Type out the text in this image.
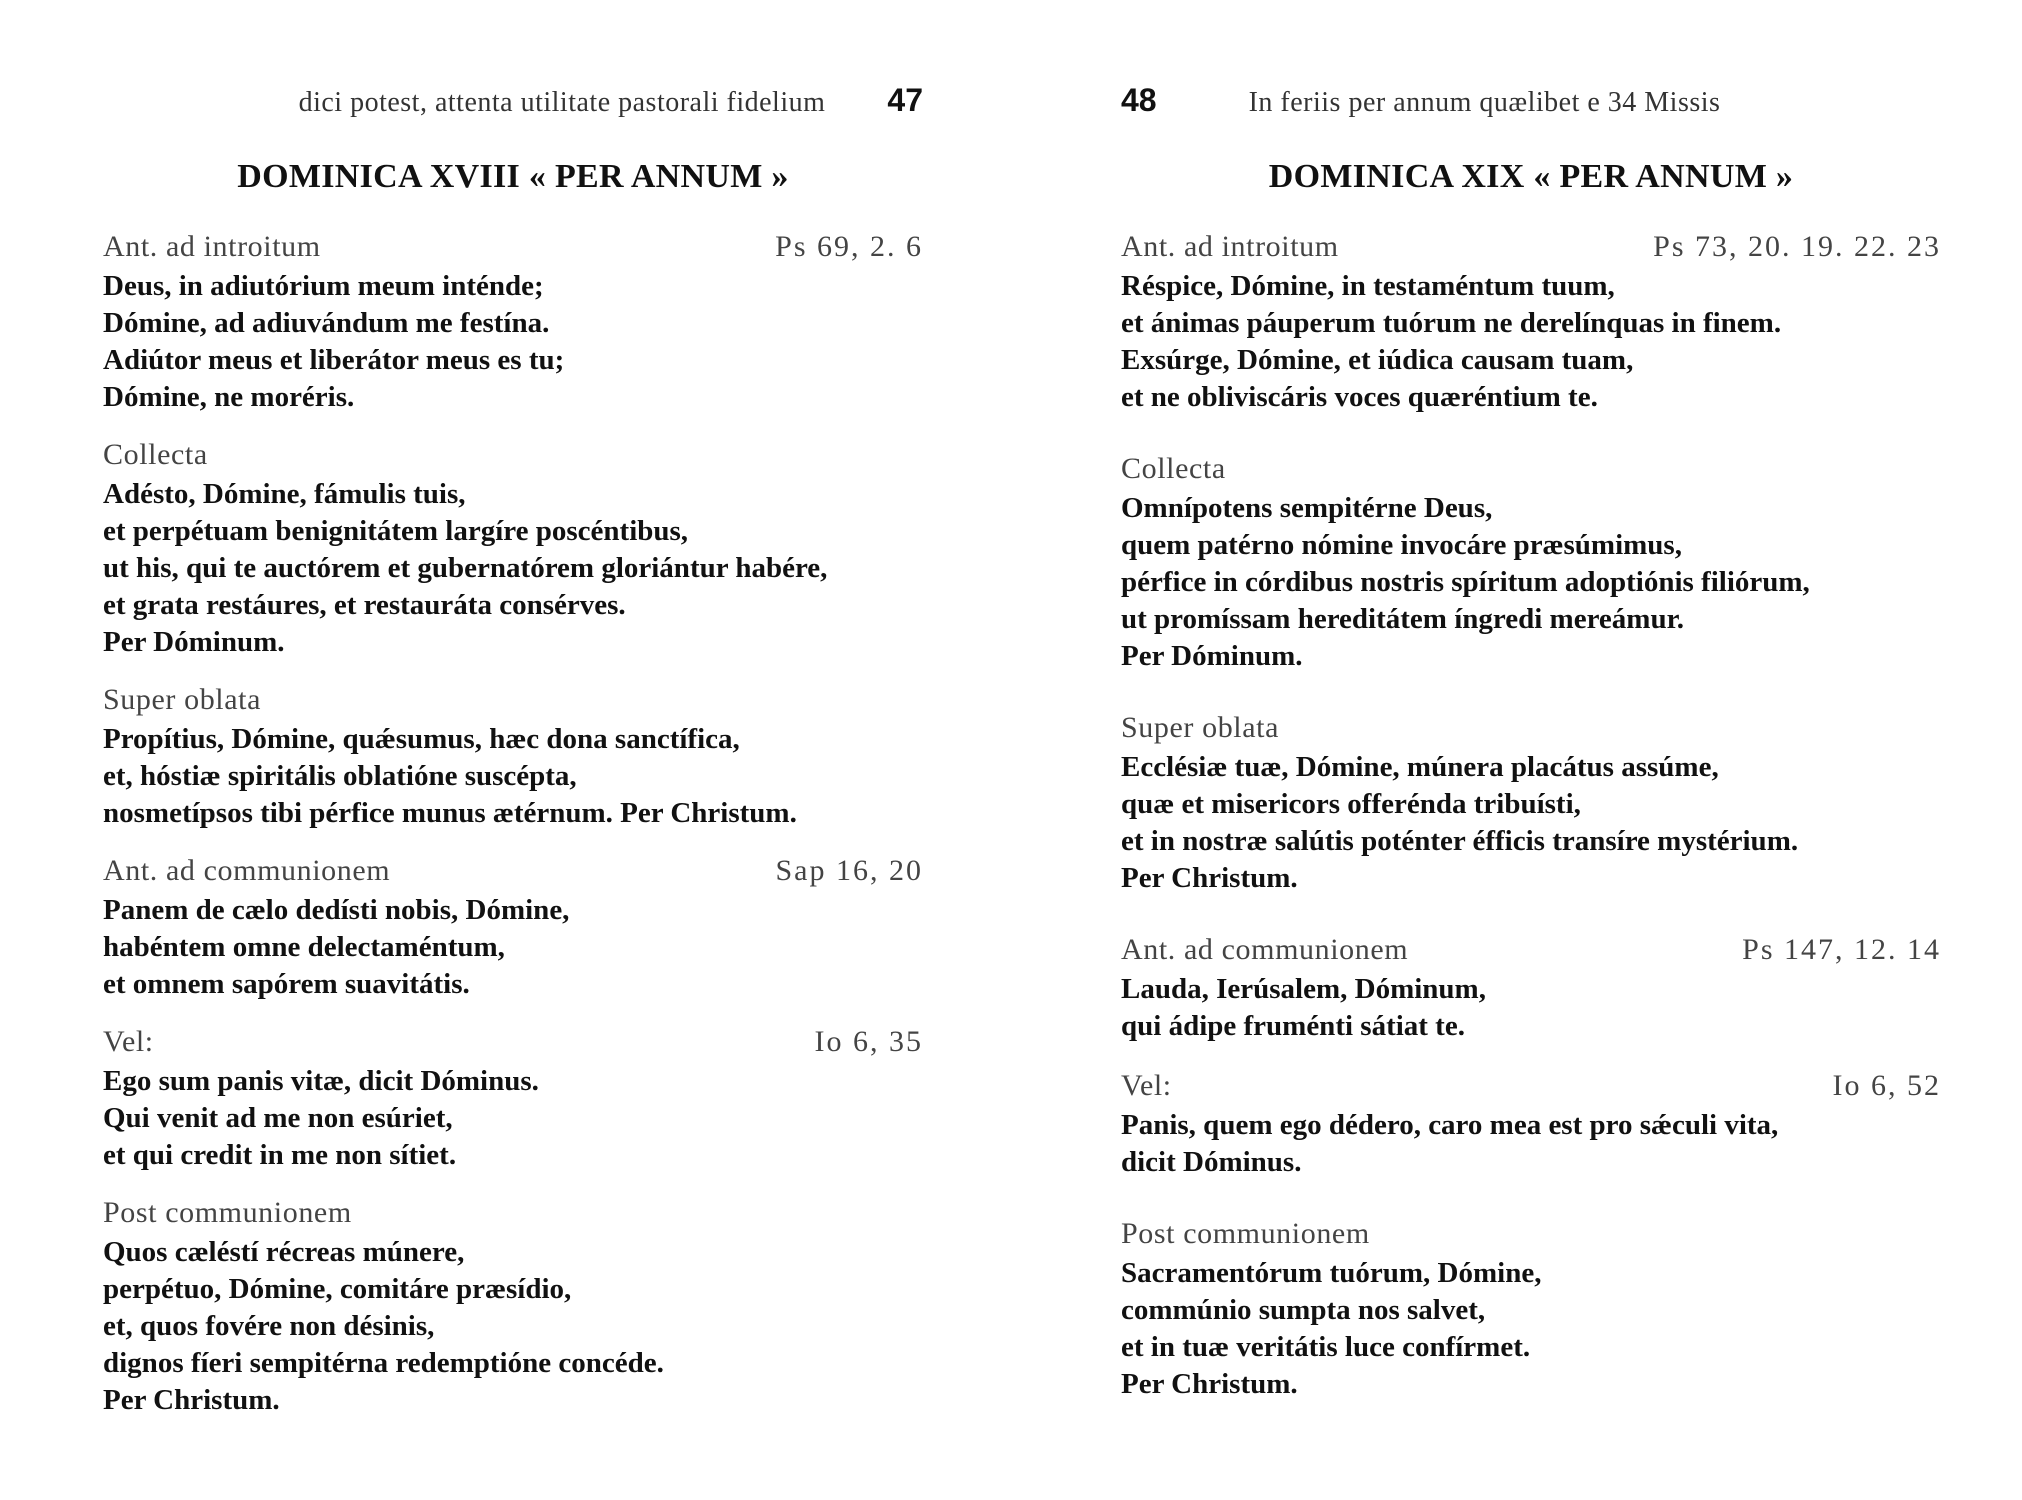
dici potest, attenta utilitate pastorali fidelium 47
DOMINICA XVIII « PER ANNUM »
Ant. ad introitum	Ps 69, 2. 6
Deus, in adiutórium meum inténde;
Dómine, ad adiuvándum me festína.
Adiútor meus et liberátor meus es tu;
Dómine, ne moréris.
Collecta
Adésto, Dómine, fámulis tuis,
et perpétuam benignitátem largíre poscéntibus,
ut his, qui te auctórem et gubernatórem gloriántur habére,
et grata restáures, et restauráta consérves.
Per Dóminum.
Super oblata
Propítius, Dómine, quǽsumus, hæc dona sanctífica,
et, hóstiæ spiritális oblatióne suscépta,
nosmetípsos tibi pérfice munus ætérnum. Per Christum.
Ant. ad communionem	Sap 16, 20
Panem de cælo dedísti nobis, Dómine,
habéntem omne delectaméntum,
et omnem sapórem suavitátis.
Vel:	Io 6, 35
Ego sum panis vitæ, dicit Dóminus.
Qui venit ad me non esúriet,
et qui credit in me non sítiet.
Post communionem
Quos cæléstí récreas múnere,
perpétuo, Dómine, comitáre præsídio,
et, quos fovére non désinis,
dignos fíeri sempitérna redemptióne concéde.
Per Christum.
48	In feriis per annum quælibet e 34 Missis
DOMINICA XIX « PER ANNUM »
Ant. ad introitum	Ps 73, 20. 19. 22. 23
Réspice, Dómine, in testaméntum tuum,
et ánimas páuperum tuórum ne derelínquas in finem.
Exsúrge, Dómine, et iúdica causam tuam,
et ne obliviscáris voces quæréntium te.
Collecta
Omnípotens sempitérne Deus,
quem patérno nómine invocáre præsúmimus,
pérfice in córdibus nostris spíritum adoptiónis filiórum,
ut promíssam hereditátem íngredi mereámur.
Per Dóminum.
Super oblata
Ecclésiæ tuæ, Dómine, múnera placátus assúme,
quæ et misericors offerénda tribuísti,
et in nostræ salútis poténter éfficis transíre mystérium.
Per Christum.
Ant. ad communionem	Ps 147, 12. 14
Lauda, Ierúsalem, Dóminum,
qui ádipe fruménti sátiat te.
Vel:	Io 6, 52
Panis, quem ego dédero, caro mea est pro sǽculi vita,
dicit Dóminus.
Post communionem
Sacramentórum tuórum, Dómine,
commúnio sumpta nos salvet,
et in tuæ veritátis luce confírmet.
Per Christum.
